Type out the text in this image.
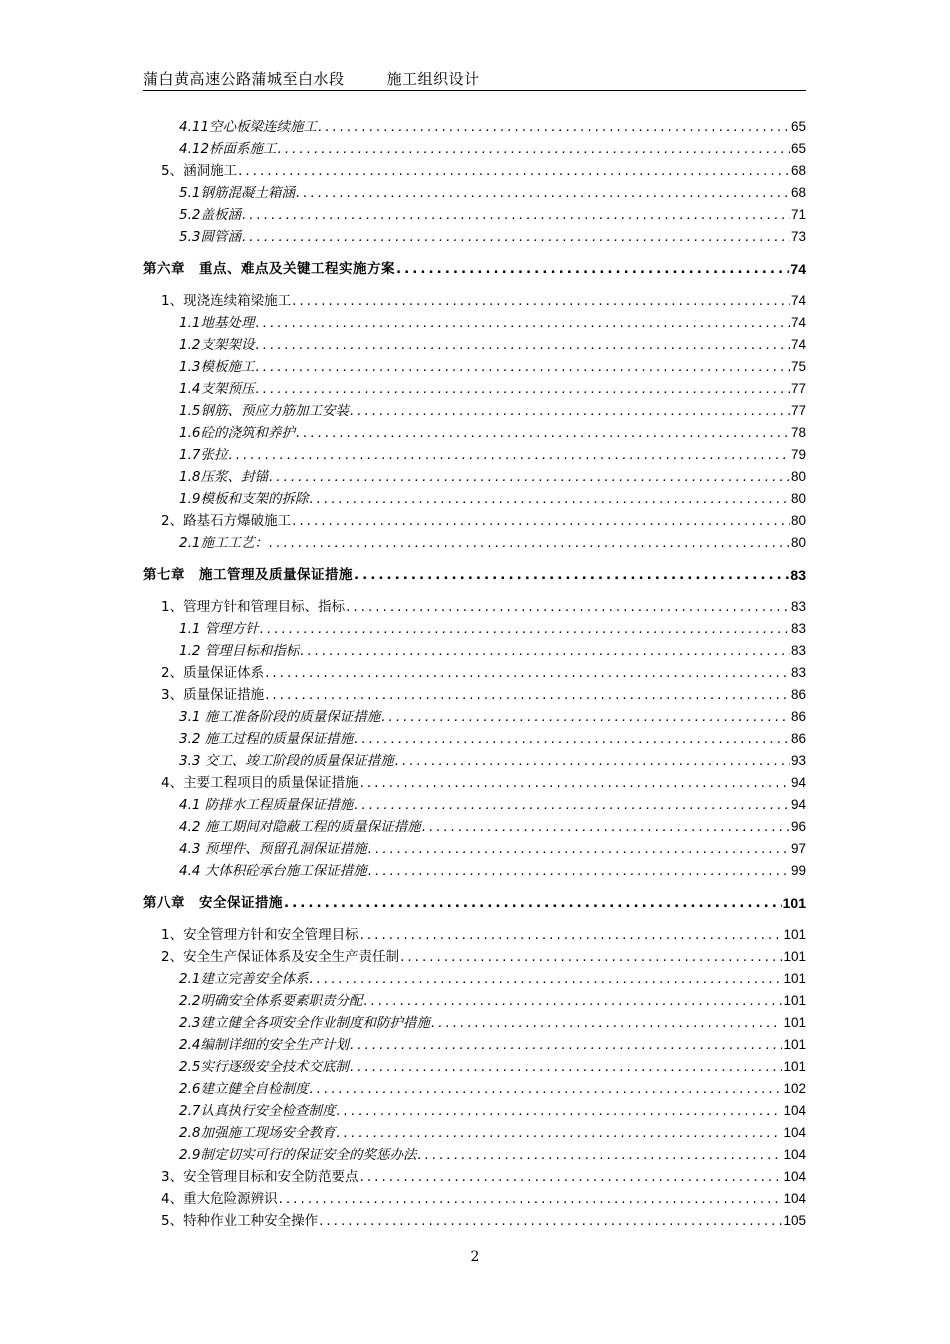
蒲白黄高速公路蒲城至白水段	施工组织设计
4.11空心板梁连续施工 .....	65
4.12桥面系施工 .....	65
5、涵洞施工 .....	68
5.1钢筋混凝土箱涵 .....	68
5.2盖板涵 .....	71
5.3圆管涵 .....	73
第六章　重点、难点及关键工程实施方案 .....	74
1、现浇连续箱梁施工 .....	74
1.1地基处理 .....	74
1.2支架架设 .....	74
1.3模板施工 .....	75
1.4支架预压 .....	77
1.5钢筋、预应力筋加工安装 .....	77
1.6砼的浇筑和养护 .....	78
1.7张拉 .....	79
1.8压浆、封锚 .....	80
1.9模板和支架的拆除 .....	80
2、路基石方爆破施工 .....	80
2.1施工工艺： .....	80
第七章　施工管理及质量保证措施 .....	83
1、管理方针和管理目标、指标 .....	83
1.1 管理方针 .....	83
1.2 管理目标和指标 .....	83
2、质量保证体系 .....	83
3、质量保证措施 .....	86
3.1 施工准备阶段的质量保证措施 .....	86
3.2 施工过程的质量保证措施 .....	86
3.3 交工、竣工阶段的质量保证措施 .....	93
4、主要工程项目的质量保证措施 .....	94
4.1 防排水工程质量保证措施 .....	94
4.2 施工期间对隐蔽工程的质量保证措施 .....	96
4.3 预埋件、预留孔洞保证措施 .....	97
4.4 大体积砼承台施工保证措施 .....	99
第八章　安全保证措施 .....	101
1、安全管理方针和安全管理目标 .....	101
2、安全生产保证体系及安全生产责任制 .....	101
2.1建立完善安全体系 .....	101
2.2明确安全体系要素职责分配 .....	101
2.3建立健全各项安全作业制度和防护措施 .....	101
2.4编制详细的安全生产计划 .....	101
2.5实行逐级安全技术交底制 .....	101
2.6建立健全自检制度 .....	102
2.7认真执行安全检查制度 .....	104
2.8加强施工现场安全教育 .....	104
2.9制定切实可行的保证安全的奖惩办法 .....	104
3、安全管理目标和安全防范要点 .....	104
4、重大危险源辨识 .....	104
5、特种作业工种安全操作 .....	105
2
